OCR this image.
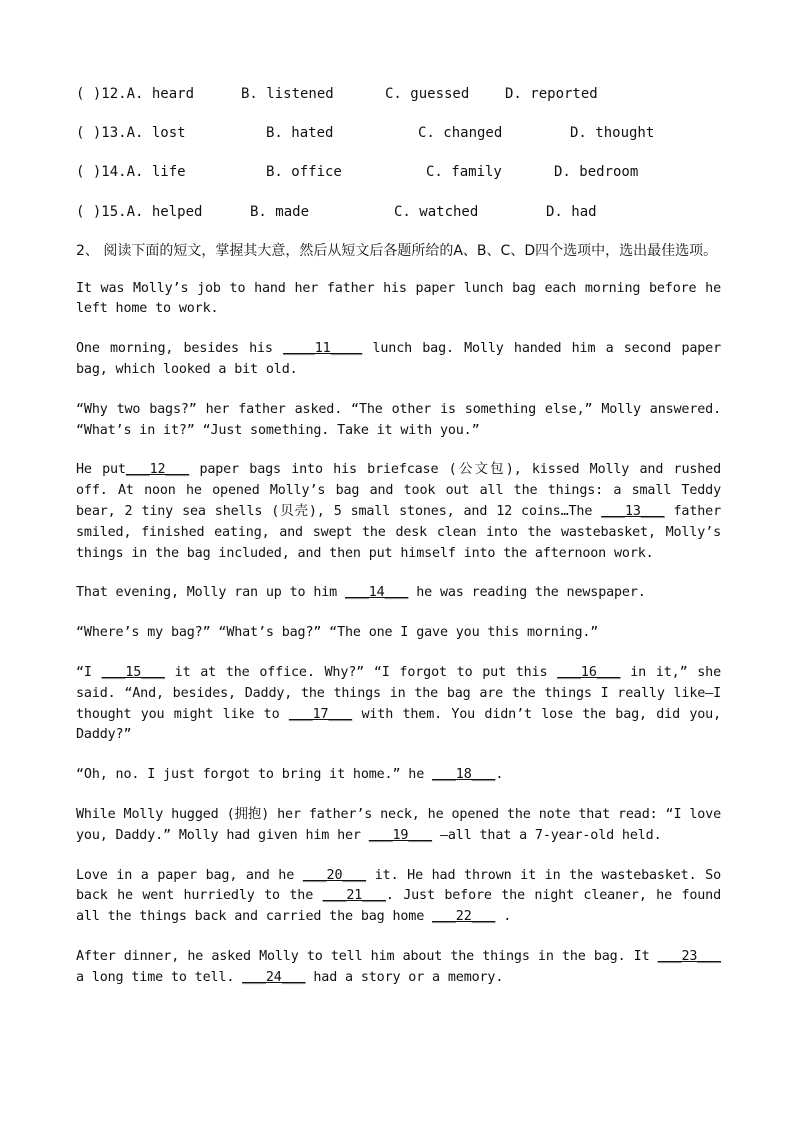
( )12.A. heard	B. listened	C. guessed	D. reported
( )13.A. lost	B. hated	C. changed	D. thought
( )14.A. life	B. office	C. family	D. bedroom
( )15.A. helped	B. made	C. watched	D. had
2、 阅读下面的短文，掌握其大意，然后从短文后各题所给的A、B、C、D四个选项中，选出最佳选项。

It was Molly’s job to hand her father his paper lunch bag each morning before he left home to work.

One morning, besides his ____11____ lunch bag. Molly handed him a second paper bag, which looked a bit old.

“Why two bags?” her father asked. “The other is something else,” Molly answered. “What’s in it?” “Just something. Take it with you.”

He put___12___ paper bags into his briefcase (公文包), kissed Molly and rushed off. At noon he opened Molly’s bag and took out all the things: a small Teddy bear, 2 tiny sea shells (贝壳), 5 small stones, and 12 coins…The ___13___ father smiled, finished eating, and swept the desk clean into the wastebasket, Molly’s things in the bag included, and then put himself into the afternoon work.

That evening, Molly ran up to him ___14___ he was reading the newspaper.

“Where’s my bag?” “What’s bag?” “The one I gave you this morning.”

“I ___15___ it at the office. Why?” “I forgot to put this ___16___ in it,” she said. “And, besides, Daddy, the things in the bag are the things I really like—I thought you might like to ___17___ with them. You didn’t lose the bag, did you, Daddy?”

“Oh, no. I just forgot to bring it home.” he ___18___.

While Molly hugged (拥抱) her father’s neck, he opened the note that read: “I love you, Daddy.” Molly had given him her ___19___ —all that a 7-year-old held.

Love in a paper bag, and he ___20___ it. He had thrown it in the wastebasket. So back he went hurriedly to the ___21___. Just before the night cleaner, he found all the things back and carried the bag home ___22___ .

After dinner, he asked Molly to tell him about the things in the bag. It ___23___ a long time to tell. ___24___ had a story or a memory.
